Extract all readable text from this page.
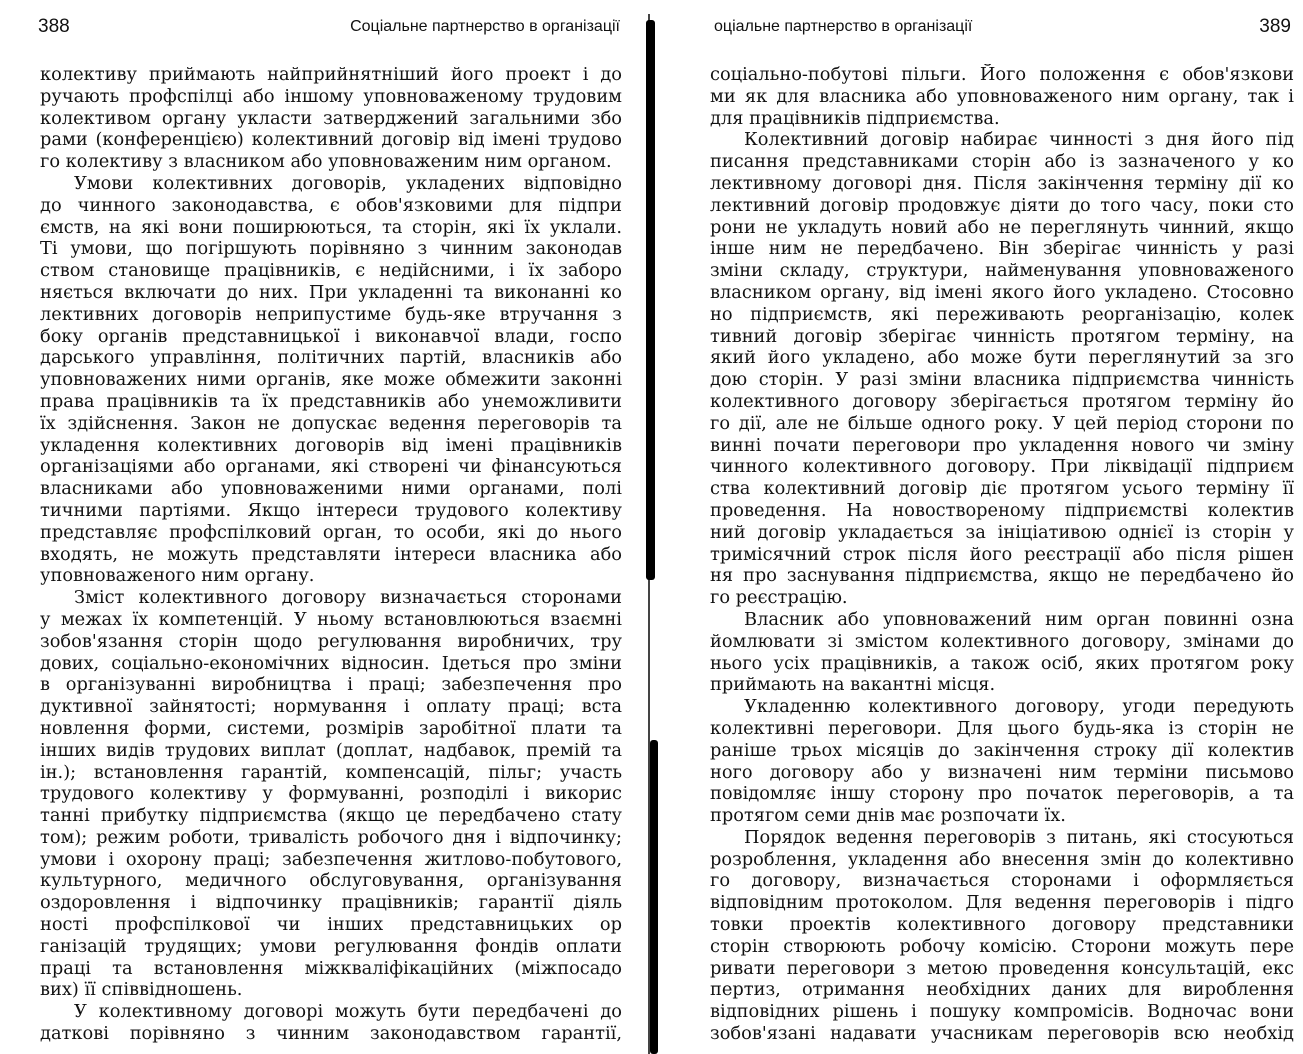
388	Соціальне партнерство в організації
колективу приймають найприйнятніший його проект і до
ручають профспілці або іншому уповноваженому трудовим
колективом органу укласти затверджений загальними збо
рами (конференцією) колективний договір від імені трудово
го колективу з власником або уповноваженим ним органом.
Умови колективних договорів, укладених відповідно
до чинного законодавства, є обов'язковими для підпри
ємств, на які вони поширюються, та сторін, які їх уклали.
Ті умови, що погіршують порівняно з чинним законодав
ством становище працівників, є недійсними, і їх заборо
няється включати до них. При укладенні та виконанні ко
лективних договорів неприпустиме будь-яке втручання з
боку органів представницької і виконавчої влади, госпо
дарського управління, політичних партій, власників або
уповноважених ними органів, яке може обмежити законні
права працівників та їх представників або унеможливити
їх здійснення. Закон не допускає ведення переговорів та
укладення колективних договорів від імені працівників
організаціями або органами, які створені чи фінансуються
власниками або уповноваженими ними органами, полі
тичними партіями. Якщо інтереси трудового колективу
представляє профспілковий орган, то особи, які до нього
входять, не можуть представляти інтереси власника або
уповноваженого ним органу.
Зміст колективного договору визначається сторонами
у межах їх компетенцій. У ньому встановлюються взаємні
зобов'язання сторін щодо регулювання виробничих, тру
дових, соціально-економічних відносин. Ідеться про зміни
в організуванні виробництва і праці; забезпечення про
дуктивної зайнятості; нормування і оплату праці; вста
новлення форми, системи, розмірів заробітної плати та
інших видів трудових виплат (доплат, надбавок, премій та
ін.); встановлення гарантій, компенсацій, пільг; участь
трудового колективу у формуванні, розподілі і викорис
танні прибутку підприємства (якщо це передбачено стату
том); режим роботи, тривалість робочого дня і відпочинку;
умови і охорону праці; забезпечення житлово-побутового,
культурного, медичного обслуговування, організування
оздоровлення і відпочинку працівників; гарантії діяль
ності профспілкової чи інших представницьких ор
ганізацій трудящих; умови регулювання фондів оплати
праці та встановлення міжкваліфікаційних (міжпосадо
вих) її співвідношень.
У колективному договорі можуть бути передбачені до
даткові порівняно з чинним законодавством гарантії,
оціальне партнерство в організації	389
соціально-побутові пільги. Його положення є обов'язкови
ми як для власника або уповноваженого ним органу, так і
для працівників підприємства.
Колективний договір набирає чинності з дня його під
писання представниками сторін або із зазначеного у ко
лективному договорі дня. Після закінчення терміну дії ко
лективний договір продовжує діяти до того часу, поки сто
рони не укладуть новий або не переглянуть чинний, якщо
інше ним не передбачено. Він зберігає чинність у разі
зміни складу, структури, найменування уповноваженого
власником органу, від імені якого його укладено. Стосовно
но підприємств, які переживають реорганізацію, колек
тивний договір зберігає чинність протягом терміну, на
який його укладено, або може бути переглянутий за зго
дою сторін. У разі зміни власника підприємства чинність
колективного договору зберігається протягом терміну йо
го дії, але не більше одного року. У цей період сторони по
винні почати переговори про укладення нового чи зміну
чинного колективного договору. При ліквідації підприєм
ства колективний договір діє протягом усього терміну її
проведення. На новоствореному підприємстві колектив
ний договір укладається за ініціативою однієї із сторін у
тримісячний строк після його реєстрації або після рішен
ня про заснування підприємства, якщо не передбачено йо
го реєстрацію.
Власник або уповноважений ним орган повинні озна
йомлювати зі змістом колективного договору, змінами до
нього усіх працівників, а також осіб, яких протягом року
приймають на вакантні місця.
Укладенню колективного договору, угоди передують
колективні переговори. Для цього будь-яка із сторін не
раніше трьох місяців до закінчення строку дії колектив
ного договору або у визначені ним терміни письмово
повідомляє іншу сторону про початок переговорів, а та
протягом семи днів має розпочати їх.
Порядок ведення переговорів з питань, які стосуються
розроблення, укладення або внесення змін до колективно
го договору, визначається сторонами і оформляється
відповідним протоколом. Для ведення переговорів і підго
товки проектів колективного договору представники
сторін створюють робочу комісію. Сторони можуть пере
ривати переговори з метою проведення консультацій, екс
пертиз, отримання необхідних даних для вироблення
відповідних рішень і пошуку компромісів. Водночас вони
зобов'язані надавати учасникам переговорів всю необхід
